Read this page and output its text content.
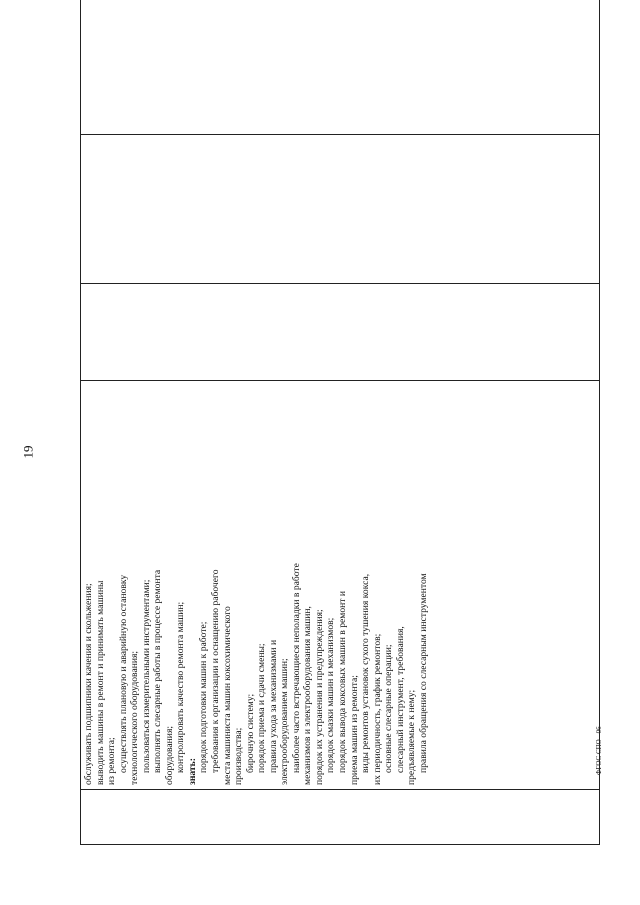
19

обслуживать подшипники качения и скольжения; выводить машины в ремонт и принимать машины из ремонта; осуществлять плановую и аварийную остановку технологического оборудования; пользоваться измерительными инструментами; выполнять слесарные работы в процессе ремонта оборудования; контролировать качество ремонта машин; знать: порядок подготовки машин к работе; требования к организации и оснащению рабочего места машиниста машин коксохимического производства; бирочную систему; порядок приема и сдачи смены; правила ухода за механизмами и электрооборудованием машин; наиболее часто встречающиеся неполадки в работе механизмов и электрооборудования машин, порядок их устранения и предупреждения; порядок смазки машин и механизмов; порядок вывода коксовых машин в ремонт и приема машин из ремонта; виды ремонтов установок сухого тушения кокса, их периодичность, график ремонтов; основные слесарные операции; слесарный инструмент, требования, предъявляемые к нему; правила обращения со слесарным инструментом
				ФГОС СПО - 06
